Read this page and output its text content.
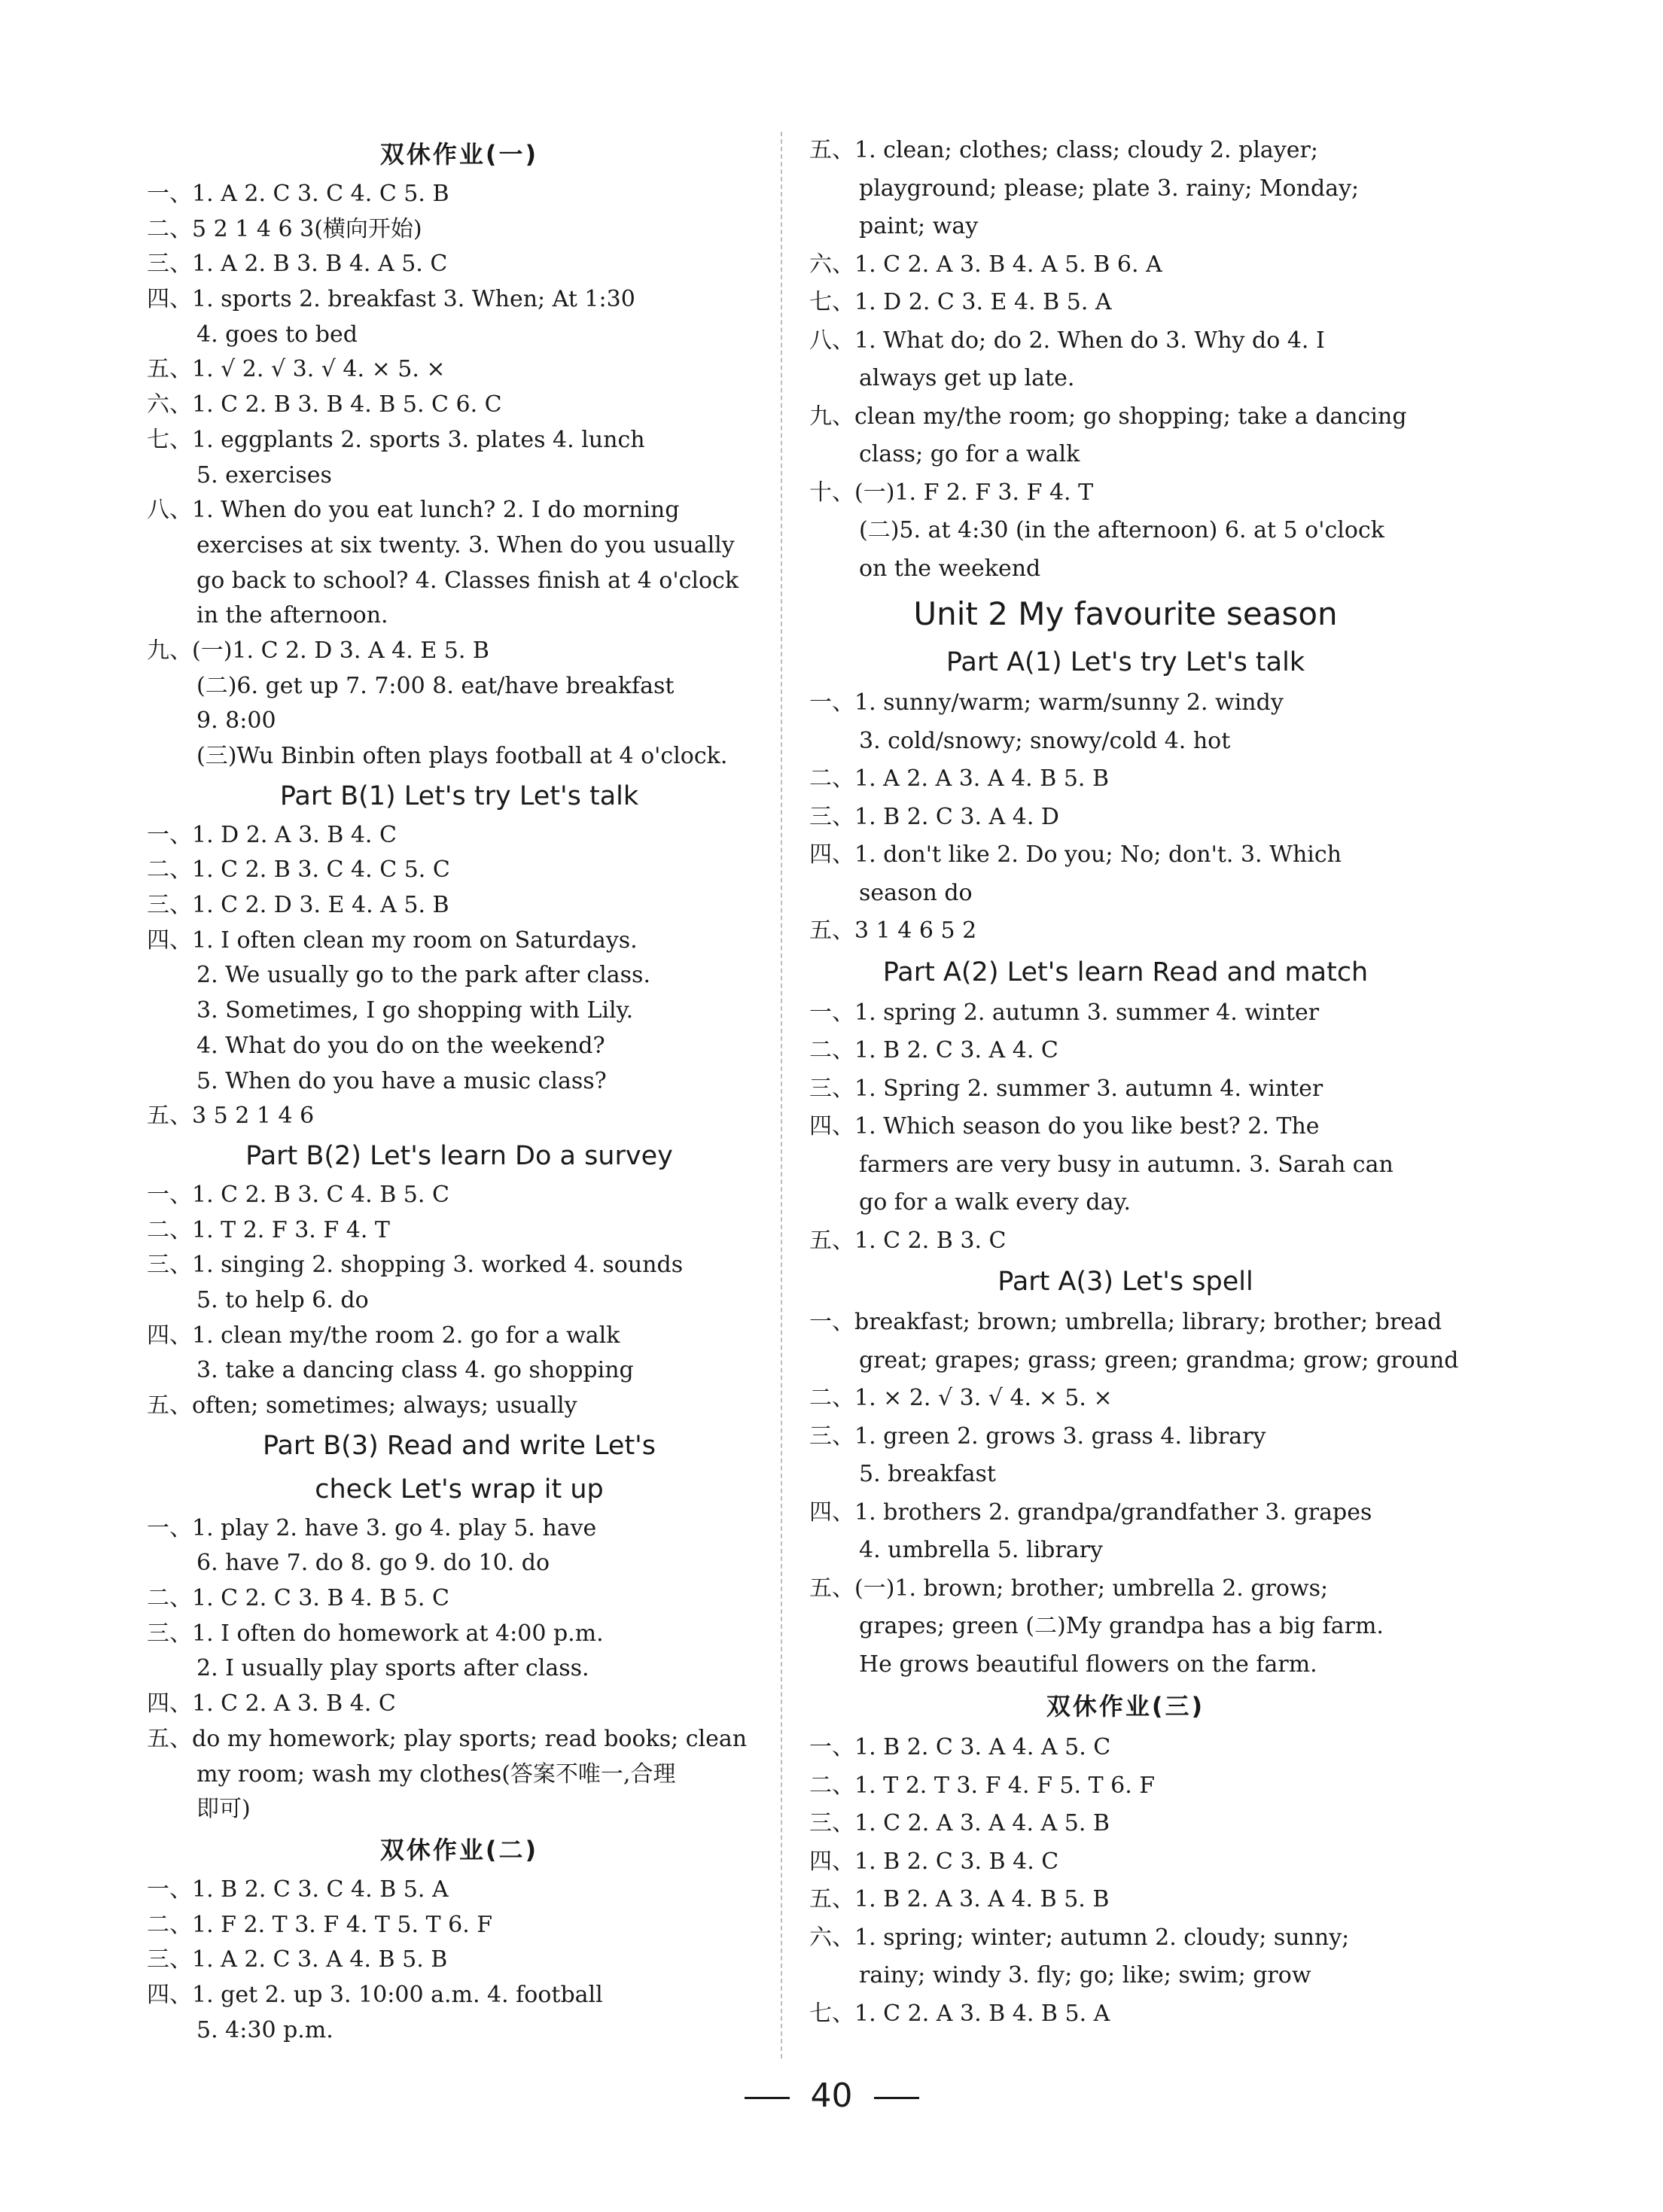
双休作业(一)
一、1. A 2. C 3. C 4. C 5. B
二、5 2 1 4 6 3(横向开始)
三、1. A 2. B 3. B 4. A 5. C
四、1. sports 2. breakfast 3. When; At 1:30
4. goes to bed
五、1. √ 2. √ 3. √ 4. × 5. ×
六、1. C 2. B 3. B 4. B 5. C 6. C
七、1. eggplants 2. sports 3. plates 4. lunch
5. exercises
八、1. When do you eat lunch? 2. I do morning
exercises at six twenty. 3. When do you usually
go back to school? 4. Classes finish at 4 o'clock
in the afternoon.
九、(一)1. C 2. D 3. A 4. E 5. B
(二)6. get up 7. 7:00 8. eat/have breakfast
9. 8:00
(三)Wu Binbin often plays football at 4 o'clock.
Part B(1) Let's try Let's talk
一、1. D 2. A 3. B 4. C
二、1. C 2. B 3. C 4. C 5. C
三、1. C 2. D 3. E 4. A 5. B
四、1. I often clean my room on Saturdays.
2. We usually go to the park after class.
3. Sometimes, I go shopping with Lily.
4. What do you do on the weekend?
5. When do you have a music class?
五、3 5 2 1 4 6
Part B(2) Let's learn Do a survey
一、1. C 2. B 3. C 4. B 5. C
二、1. T 2. F 3. F 4. T
三、1. singing 2. shopping 3. worked 4. sounds
5. to help 6. do
四、1. clean my/the room 2. go for a walk
3. take a dancing class 4. go shopping
五、often; sometimes; always; usually
Part B(3) Read and write Let's
check Let's wrap it up
一、1. play 2. have 3. go 4. play 5. have
6. have 7. do 8. go 9. do 10. do
二、1. C 2. C 3. B 4. B 5. C
三、1. I often do homework at 4:00 p.m.
2. I usually play sports after class.
四、1. C 2. A 3. B 4. C
五、do my homework; play sports; read books; clean
my room; wash my clothes(答案不唯一,合理
即可)
双休作业(二)
一、1. B 2. C 3. C 4. B 5. A
二、1. F 2. T 3. F 4. T 5. T 6. F
三、1. A 2. C 3. A 4. B 5. B
四、1. get 2. up 3. 10:00 a.m. 4. football
5. 4:30 p.m.
五、1. clean; clothes; class; cloudy 2. player;
playground; please; plate 3. rainy; Monday;
paint; way
六、1. C 2. A 3. B 4. A 5. B 6. A
七、1. D 2. C 3. E 4. B 5. A
八、1. What do; do 2. When do 3. Why do 4. I
always get up late.
九、clean my/the room; go shopping; take a dancing
class; go for a walk
十、(一)1. F 2. F 3. F 4. T
(二)5. at 4:30 (in the afternoon) 6. at 5 o'clock
on the weekend
Unit 2 My favourite season
Part A(1) Let's try Let's talk
一、1. sunny/warm; warm/sunny 2. windy
3. cold/snowy; snowy/cold 4. hot
二、1. A 2. A 3. A 4. B 5. B
三、1. B 2. C 3. A 4. D
四、1. don't like 2. Do you; No; don't. 3. Which
season do
五、3 1 4 6 5 2
Part A(2) Let's learn Read and match
一、1. spring 2. autumn 3. summer 4. winter
二、1. B 2. C 3. A 4. C
三、1. Spring 2. summer 3. autumn 4. winter
四、1. Which season do you like best? 2. The
farmers are very busy in autumn. 3. Sarah can
go for a walk every day.
五、1. C 2. B 3. C
Part A(3) Let's spell
一、breakfast; brown; umbrella; library; brother; bread
great; grapes; grass; green; grandma; grow; ground
二、1. × 2. √ 3. √ 4. × 5. ×
三、1. green 2. grows 3. grass 4. library
5. breakfast
四、1. brothers 2. grandpa/grandfather 3. grapes
4. umbrella 5. library
五、(一)1. brown; brother; umbrella 2. grows;
grapes; green (二)My grandpa has a big farm.
He grows beautiful flowers on the farm.
双休作业(三)
一、1. B 2. C 3. A 4. A 5. C
二、1. T 2. T 3. F 4. F 5. T 6. F
三、1. C 2. A 3. A 4. A 5. B
四、1. B 2. C 3. B 4. C
五、1. B 2. A 3. A 4. B 5. B
六、1. spring; winter; autumn 2. cloudy; sunny;
rainy; windy 3. fly; go; like; swim; grow
七、1. C 2. A 3. B 4. B 5. A
40
